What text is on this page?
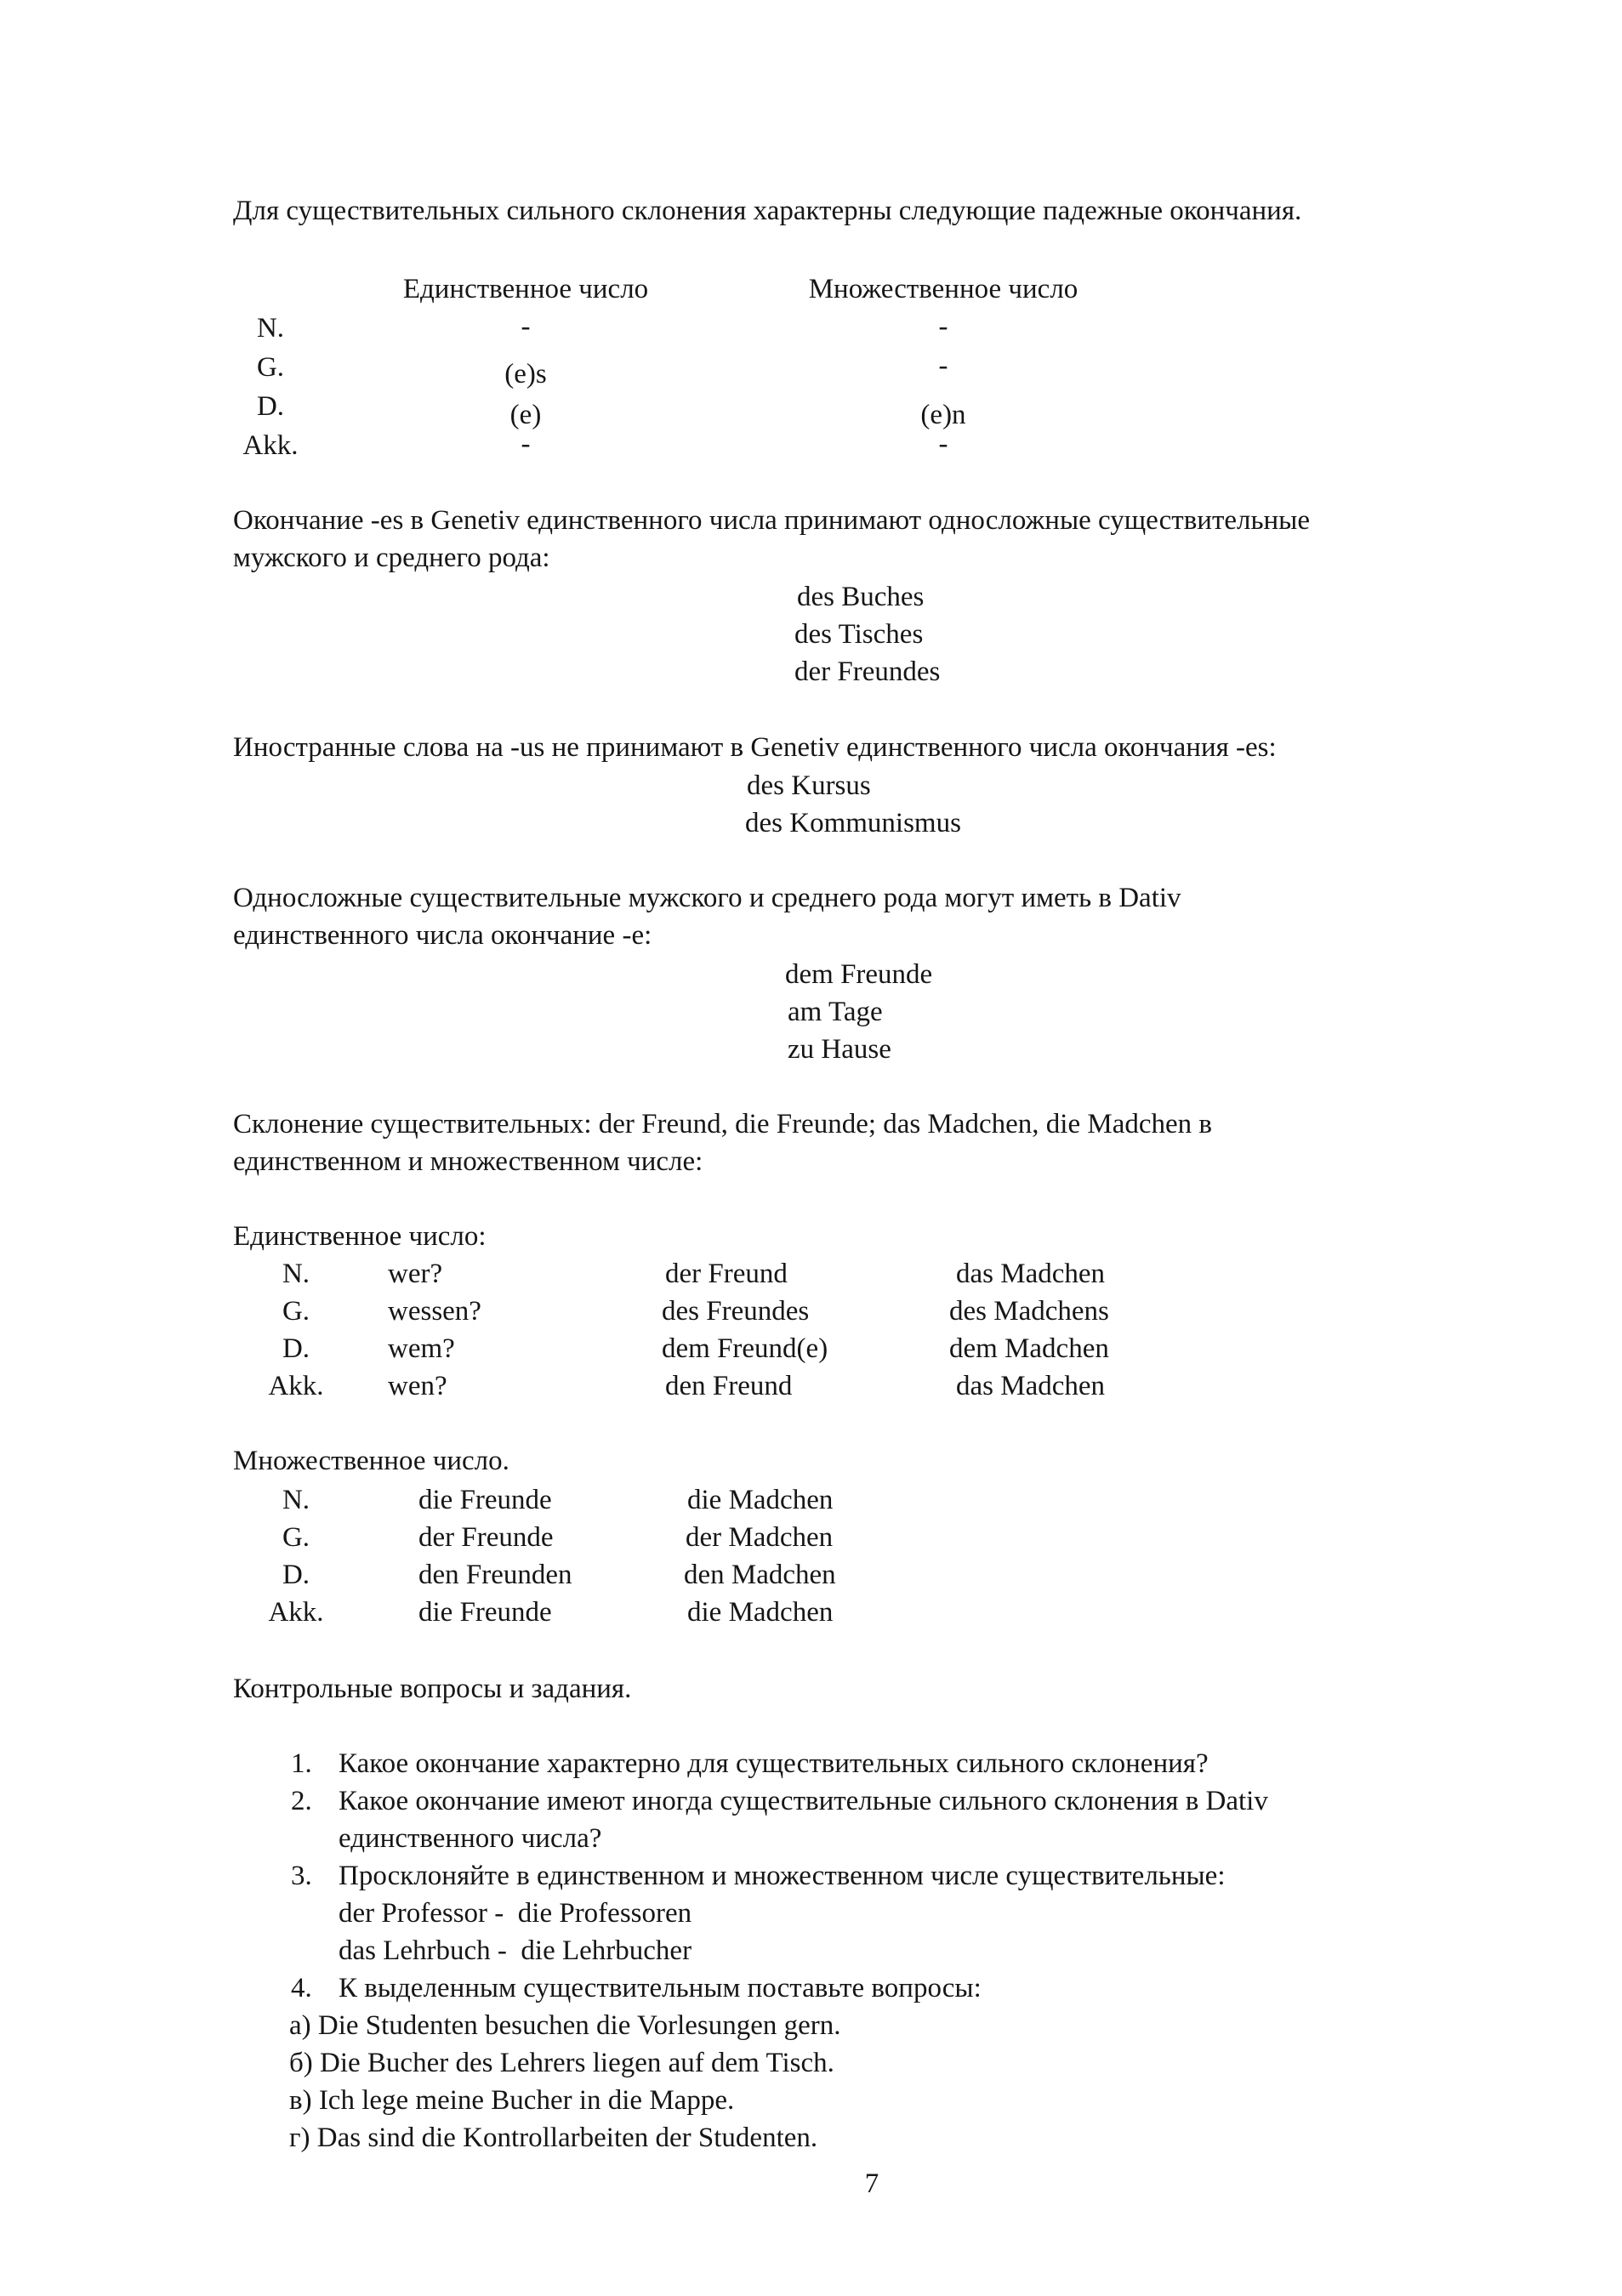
Для существительных сильного склонения характерны следующие падежные окончания.
Единственное число	Множественное число
N.	-	-
G.	(e)s	-
D.	(e)	(e)n
Akk.	-	-
Окончание -es в Genetiv единственного числа принимают односложные существительные
мужского и среднего рода:
des Buches
des Tisches
der Freundes
Иностранные слова на -us не принимают в Genetiv единственного числа окончания -es:
des Kursus
des Kommunismus
Односложные существительные мужского и среднего рода могут иметь в Dativ
единственного числа окончание -e:
dem Freunde
am Tage
zu Hause
Склонение существительных: der Freund, die Freunde; das Madchen, die Madchen в
единственном и множественном числе:
Единственное число:
N.	wer?	der Freund	das Madchen
G.	wessen?	des Freundes	des Madchens
D.	wem?	dem Freund(e)	dem Madchen
Akk. wen?	den Freund	das Madchen
Множественное число.
N.	die Freunde	die Madchen
G.	der Freunde	der Madchen
D.	den Freunden	den Madchen
Akk.	die Freunde	die Madchen
Контрольные вопросы и задания.
1. Какое окончание характерно для существительных сильного склонения?
2. Какое окончание имеют иногда существительные сильного склонения в Dativ
единственного числа?
3. Просклоняйте в единственном и множественном числе существительные:
der Professor -  die Professoren
das Lehrbuch -  die Lehrbucher
4. К выделенным существительным поставьте вопросы:
а) Die Studenten besuchen die Vorlesungen gern.
б) Die Bucher des Lehrers liegen auf dem Tisch.
в) Ich lege meine Bucher in die Mappe.
г) Das sind die Kontrollarbeiten der Studenten.
7
